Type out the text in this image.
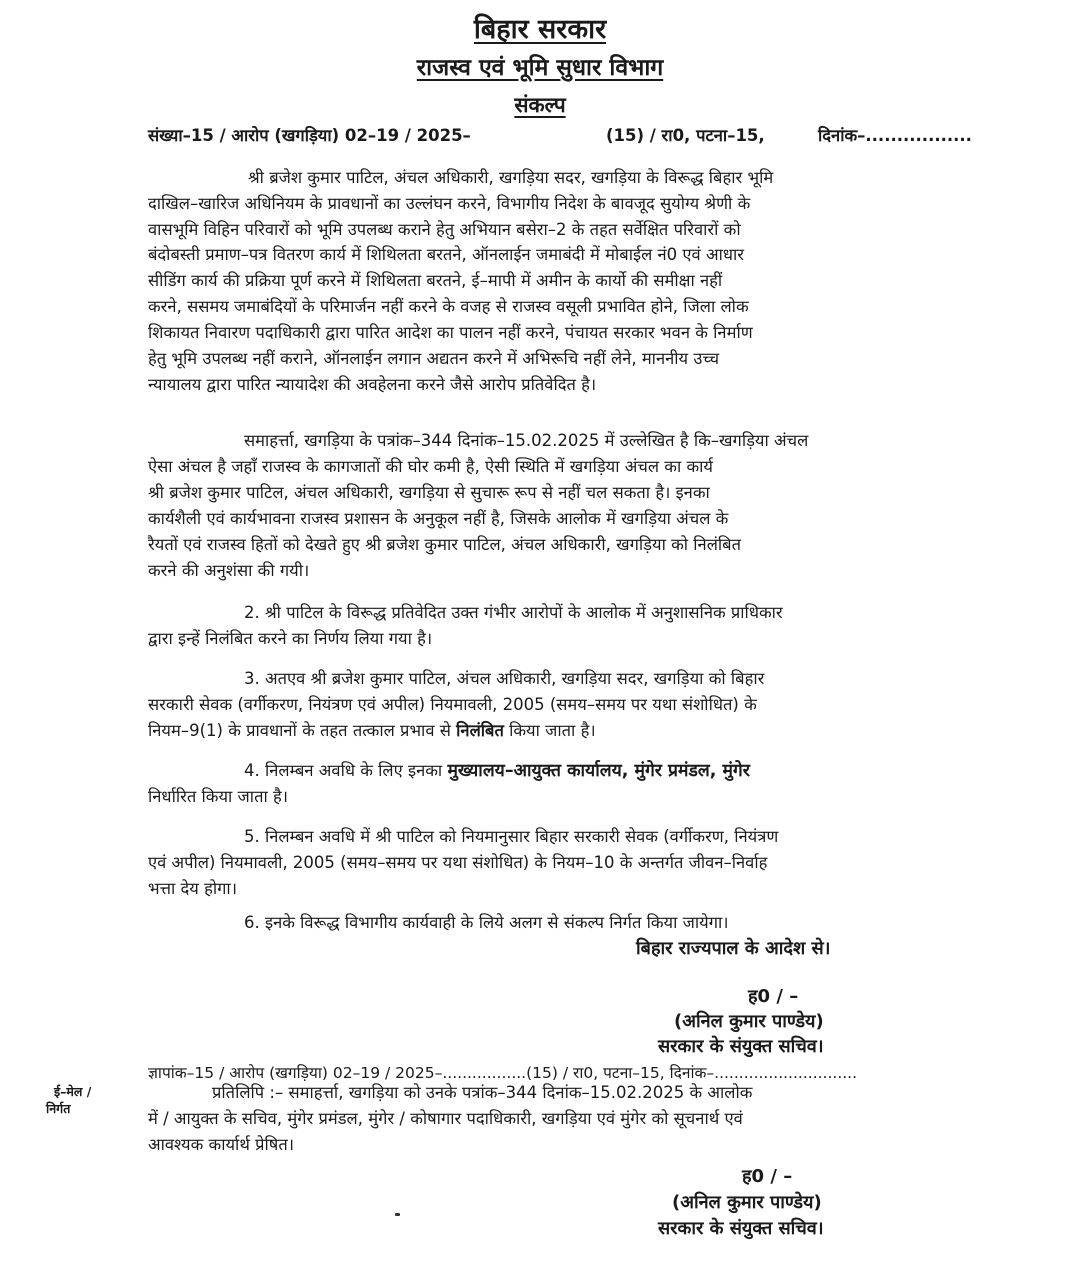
बिहार सरकार
राजस्व एवं भूमि सुधार विभाग
संकल्प
संख्या–15 / आरोप (खगड़िया) 02–19 / 2025–	(15) / रा0, पटना–15,	दिनांक–.................
श्री ब्रजेश कुमार पाटिल, अंचल अधिकारी, खगड़िया सदर, खगड़िया के विरूद्ध बिहार भूमि
दाखिल–खारिज अधिनियम के प्रावधानों का उल्लंघन करने, विभागीय निदेश के बावजूद सुयोग्य श्रेणी के
वासभूमि विहिन परिवारों को भूमि उपलब्ध कराने हेतु अभियान बसेरा–2 के तहत सर्वेक्षित परिवारों को
बंदोबस्ती प्रमाण–पत्र वितरण कार्य में शिथिलता बरतने, ऑनलाईन जमाबंदी में मोबाईल नं0 एवं आधार
सीडिंग कार्य की प्रक्रिया पूर्ण करने में शिथिलता बरतने, ई–मापी में अमीन के कार्यो की समीक्षा नहीं
करने, ससमय जमाबंदियों के परिमार्जन नहीं करने के वजह से राजस्व वसूली प्रभावित होने, जिला लोक
शिकायत निवारण पदाधिकारी द्वारा पारित आदेश का पालन नहीं करने, पंचायत सरकार भवन के निर्माण
हेतु भूमि उपलब्ध नहीं कराने, ऑनलाईन लगान अद्यतन करने में अभिरूचि नहीं लेने, माननीय उच्च
न्यायालय द्वारा पारित न्यायादेश की अवहेलना करने जैसे आरोप प्रतिवेदित है।
समाहर्त्ता, खगड़िया के पत्रांक–344 दिनांक–15.02.2025 में उल्लेखित है कि–खगड़िया अंचल
ऐसा अंचल है जहाँ राजस्व के कागजातों की घोर कमी है, ऐसी स्थिति में खगड़िया अंचल का कार्य
श्री ब्रजेश कुमार पाटिल, अंचल अधिकारी, खगड़िया से सुचारू रूप से नहीं चल सकता है। इनका
कार्यशैली एवं कार्यभावना राजस्व प्रशासन के अनुकूल नहीं है, जिसके आलोक में खगड़िया अंचल के
रैयतों एवं राजस्व हितों को देखते हुए श्री ब्रजेश कुमार पाटिल, अंचल अधिकारी, खगड़िया को निलंबित
करने की अनुशंसा की गयी।
2. श्री पाटिल के विरूद्ध प्रतिवेदित उक्त गंभीर आरोपों के आलोक में अनुशासनिक प्राधिकार
द्वारा इन्हें निलंबित करने का निर्णय लिया गया है।
3. अतएव श्री ब्रजेश कुमार पाटिल, अंचल अधिकारी, खगड़िया सदर, खगड़िया को बिहार
सरकारी सेवक (वर्गीकरण, नियंत्रण एवं अपील) नियमावली, 2005 (समय–समय पर यथा संशोधित) के
नियम–9(1) के प्रावधानों के तहत तत्काल प्रभाव से निलंबित किया जाता है।
4. निलम्बन अवधि के लिए इनका मुख्यालय–आयुक्त कार्यालय, मुंगेर प्रमंडल, मुंगेर
निर्धारित किया जाता है।
5. निलम्बन अवधि में श्री पाटिल को नियमानुसार बिहार सरकारी सेवक (वर्गीकरण, नियंत्रण
एवं अपील) नियमावली, 2005 (समय–समय पर यथा संशोधित) के नियम–10 के अन्तर्गत जीवन–निर्वाह
भत्ता देय होगा।
6. इनके विरूद्ध विभागीय कार्यवाही के लिये अलग से संकल्प निर्गत किया जायेगा।
बिहार राज्यपाल के आदेश से।
ह0 / –
(अनिल कुमार पाण्डेय)
सरकार के संयुक्त सचिव।
ज्ञापांक–15 / आरोप (खगड़िया) 02–19 / 2025–.................(15) / रा0, पटना–15, दिनांक–.............................
ई–मेल /
निर्गत
प्रतिलिपि :– समाहर्त्ता, खगड़िया को उनके पत्रांक–344 दिनांक–15.02.2025 के आलोक
में / आयुक्त के सचिव, मुंगेर प्रमंडल, मुंगेर / कोषागार पदाधिकारी, खगड़िया एवं मुंगेर को सूचनार्थ एवं
आवश्यक कार्यार्थ प्रेषित।
ह0 / –
(अनिल कुमार पाण्डेय)
सरकार के संयुक्त सचिव।
